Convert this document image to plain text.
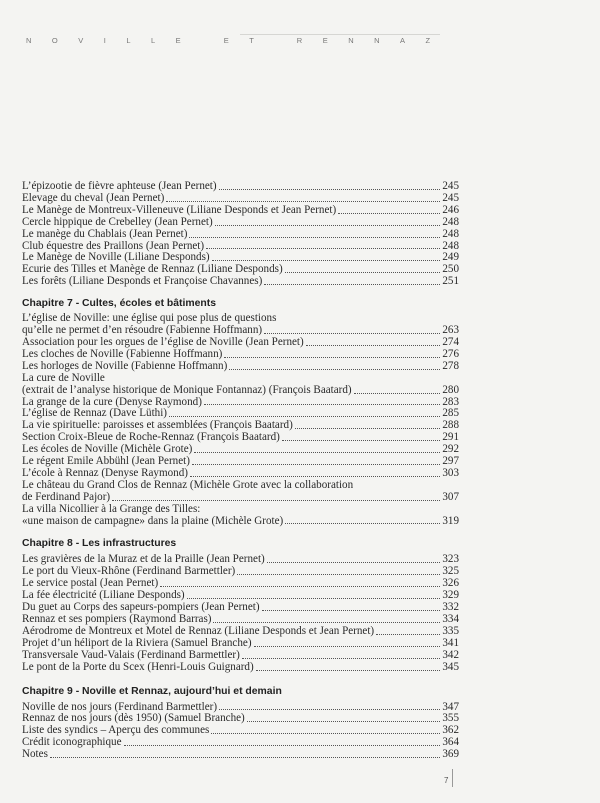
NOVILLE ET RENNAZ
L’épizootie de fièvre aphteuse (Jean Pernet)	245
Elevage du cheval (Jean Pernet)	245
Le Manège de Montreux-Villeneuve (Liliane Desponds et Jean Pernet)	246
Cercle hippique de Crebelley (Jean Pernet)	248
Le manège du Chablais (Jean Pernet)	248
Club équestre des Praillons (Jean Pernet)	248
Le Manège de Noville (Liliane Desponds)	249
Ecurie des Tilles et Manège de Rennaz (Liliane Desponds)	250
Les forêts (Liliane Desponds et Françoise Chavannes)	251
Chapitre 7 - Cultes, écoles et bâtiments
L’église de Noville: une église qui pose plus de questions
qu’elle ne permet d’en résoudre (Fabienne Hoffmann)	263
Association pour les orgues de l’église de Noville (Jean Pernet)	274
Les cloches de Noville (Fabienne Hoffmann)	276
Les horloges de Noville (Fabienne Hoffmann)	278
La cure de Noville
(extrait de l’analyse historique de Monique Fontannaz) (François Baatard)	280
La grange de la cure (Denyse Raymond)	283
L’église de Rennaz (Dave Lüthi)	285
La vie spirituelle: paroisses et assemblées (François Baatard)	288
Section Croix-Bleue de Roche-Rennaz (François Baatard)	291
Les écoles de Noville (Michèle Grote)	292
Le régent Emile Abbühl (Jean Pernet)	297
L’école à Rennaz (Denyse Raymond)	303
Le château du Grand Clos de Rennaz (Michèle Grote avec la collaboration
de Ferdinand Pajor)	307
La villa Nicollier à la Grange des Tilles:
«une maison de campagne» dans la plaine (Michèle Grote)	319
Chapitre 8 - Les infrastructures
Les gravières de la Muraz et de la Praille (Jean Pernet)	323
Le port du Vieux-Rhône (Ferdinand Barmettler)	325
Le service postal (Jean Pernet)	326
La fée électricité (Liliane Desponds)	329
Du guet au Corps des sapeurs-pompiers (Jean Pernet)	332
Rennaz et ses pompiers (Raymond Barras)	334
Aérodrome de Montreux et Motel de Rennaz (Liliane Desponds et Jean Pernet)	335
Projet d’un héliport de la Riviera (Samuel Branche)	341
Transversale Vaud-Valais (Ferdinand Barmettler)	342
Le pont de la Porte du Scex (Henri-Louis Guignard)	345
Chapitre 9 - Noville et Rennaz, aujourd’hui et demain
Noville de nos jours (Ferdinand Barmettler)	347
Rennaz de nos jours (dès 1950) (Samuel Branche)	355
Liste des syndics – Aperçu des communes	362
Crédit iconographique	364
Notes	369
7
